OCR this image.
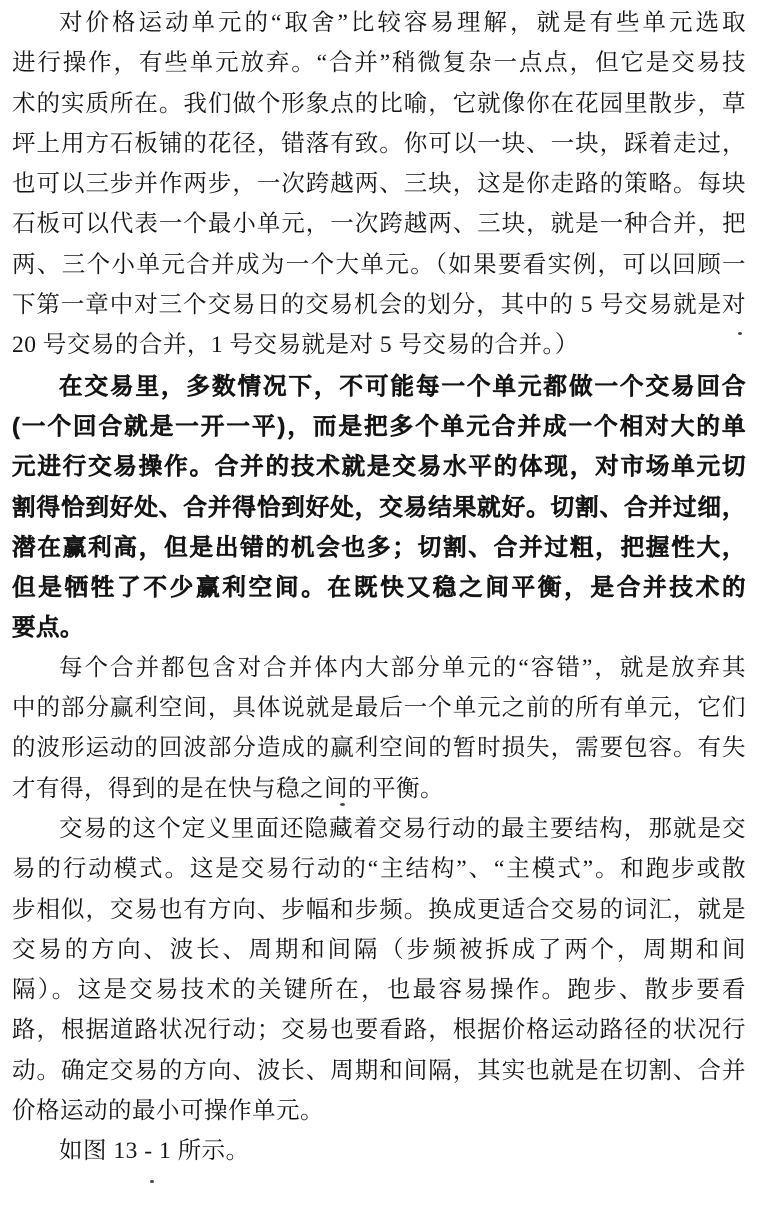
对价格运动单元的“取舍”比较容易理解，就是有些单元选取
进行操作，有些单元放弃。“合并”稍微复杂一点点，但它是交易技
术的实质所在。我们做个形象点的比喻，它就像你在花园里散步，草
坪上用方石板铺的花径，错落有致。你可以一块、一块，踩着走过，
也可以三步并作两步，一次跨越两、三块，这是你走路的策略。每块
石板可以代表一个最小单元，一次跨越两、三块，就是一种合并，把
两、三个小单元合并成为一个大单元。（如果要看实例，可以回顾一
下第一章中对三个交易日的交易机会的划分，其中的 5 号交易就是对
20 号交易的合并，1 号交易就是对 5 号交易的合并。）
在交易里，多数情况下，不可能每一个单元都做一个交易回合
(一个回合就是一开一平)，而是把多个单元合并成一个相对大的单
元进行交易操作。合并的技术就是交易水平的体现，对市场单元切
割得恰到好处、合并得恰到好处，交易结果就好。切割、合并过细，
潜在赢利高，但是出错的机会也多；切割、合并过粗，把握性大，
但是牺牲了不少赢利空间。在既快又稳之间平衡，是合并技术的
要点。
每个合并都包含对合并体内大部分单元的“容错”，就是放弃其
中的部分赢利空间，具体说就是最后一个单元之前的所有单元，它们
的波形运动的回波部分造成的赢利空间的暂时损失，需要包容。有失
才有得，得到的是在快与稳之间的平衡。
交易的这个定义里面还隐藏着交易行动的最主要结构，那就是交
易的行动模式。这是交易行动的“主结构”、“主模式”。和跑步或散
步相似，交易也有方向、步幅和步频。换成更适合交易的词汇，就是
交易的方向、波长、周期和间隔（步频被拆成了两个，周期和间
隔）。这是交易技术的关键所在，也最容易操作。跑步、散步要看
路，根据道路状况行动；交易也要看路，根据价格运动路径的状况行
动。确定交易的方向、波长、周期和间隔，其实也就是在切割、合并
价格运动的最小可操作单元。
如图 13 - 1 所示。
